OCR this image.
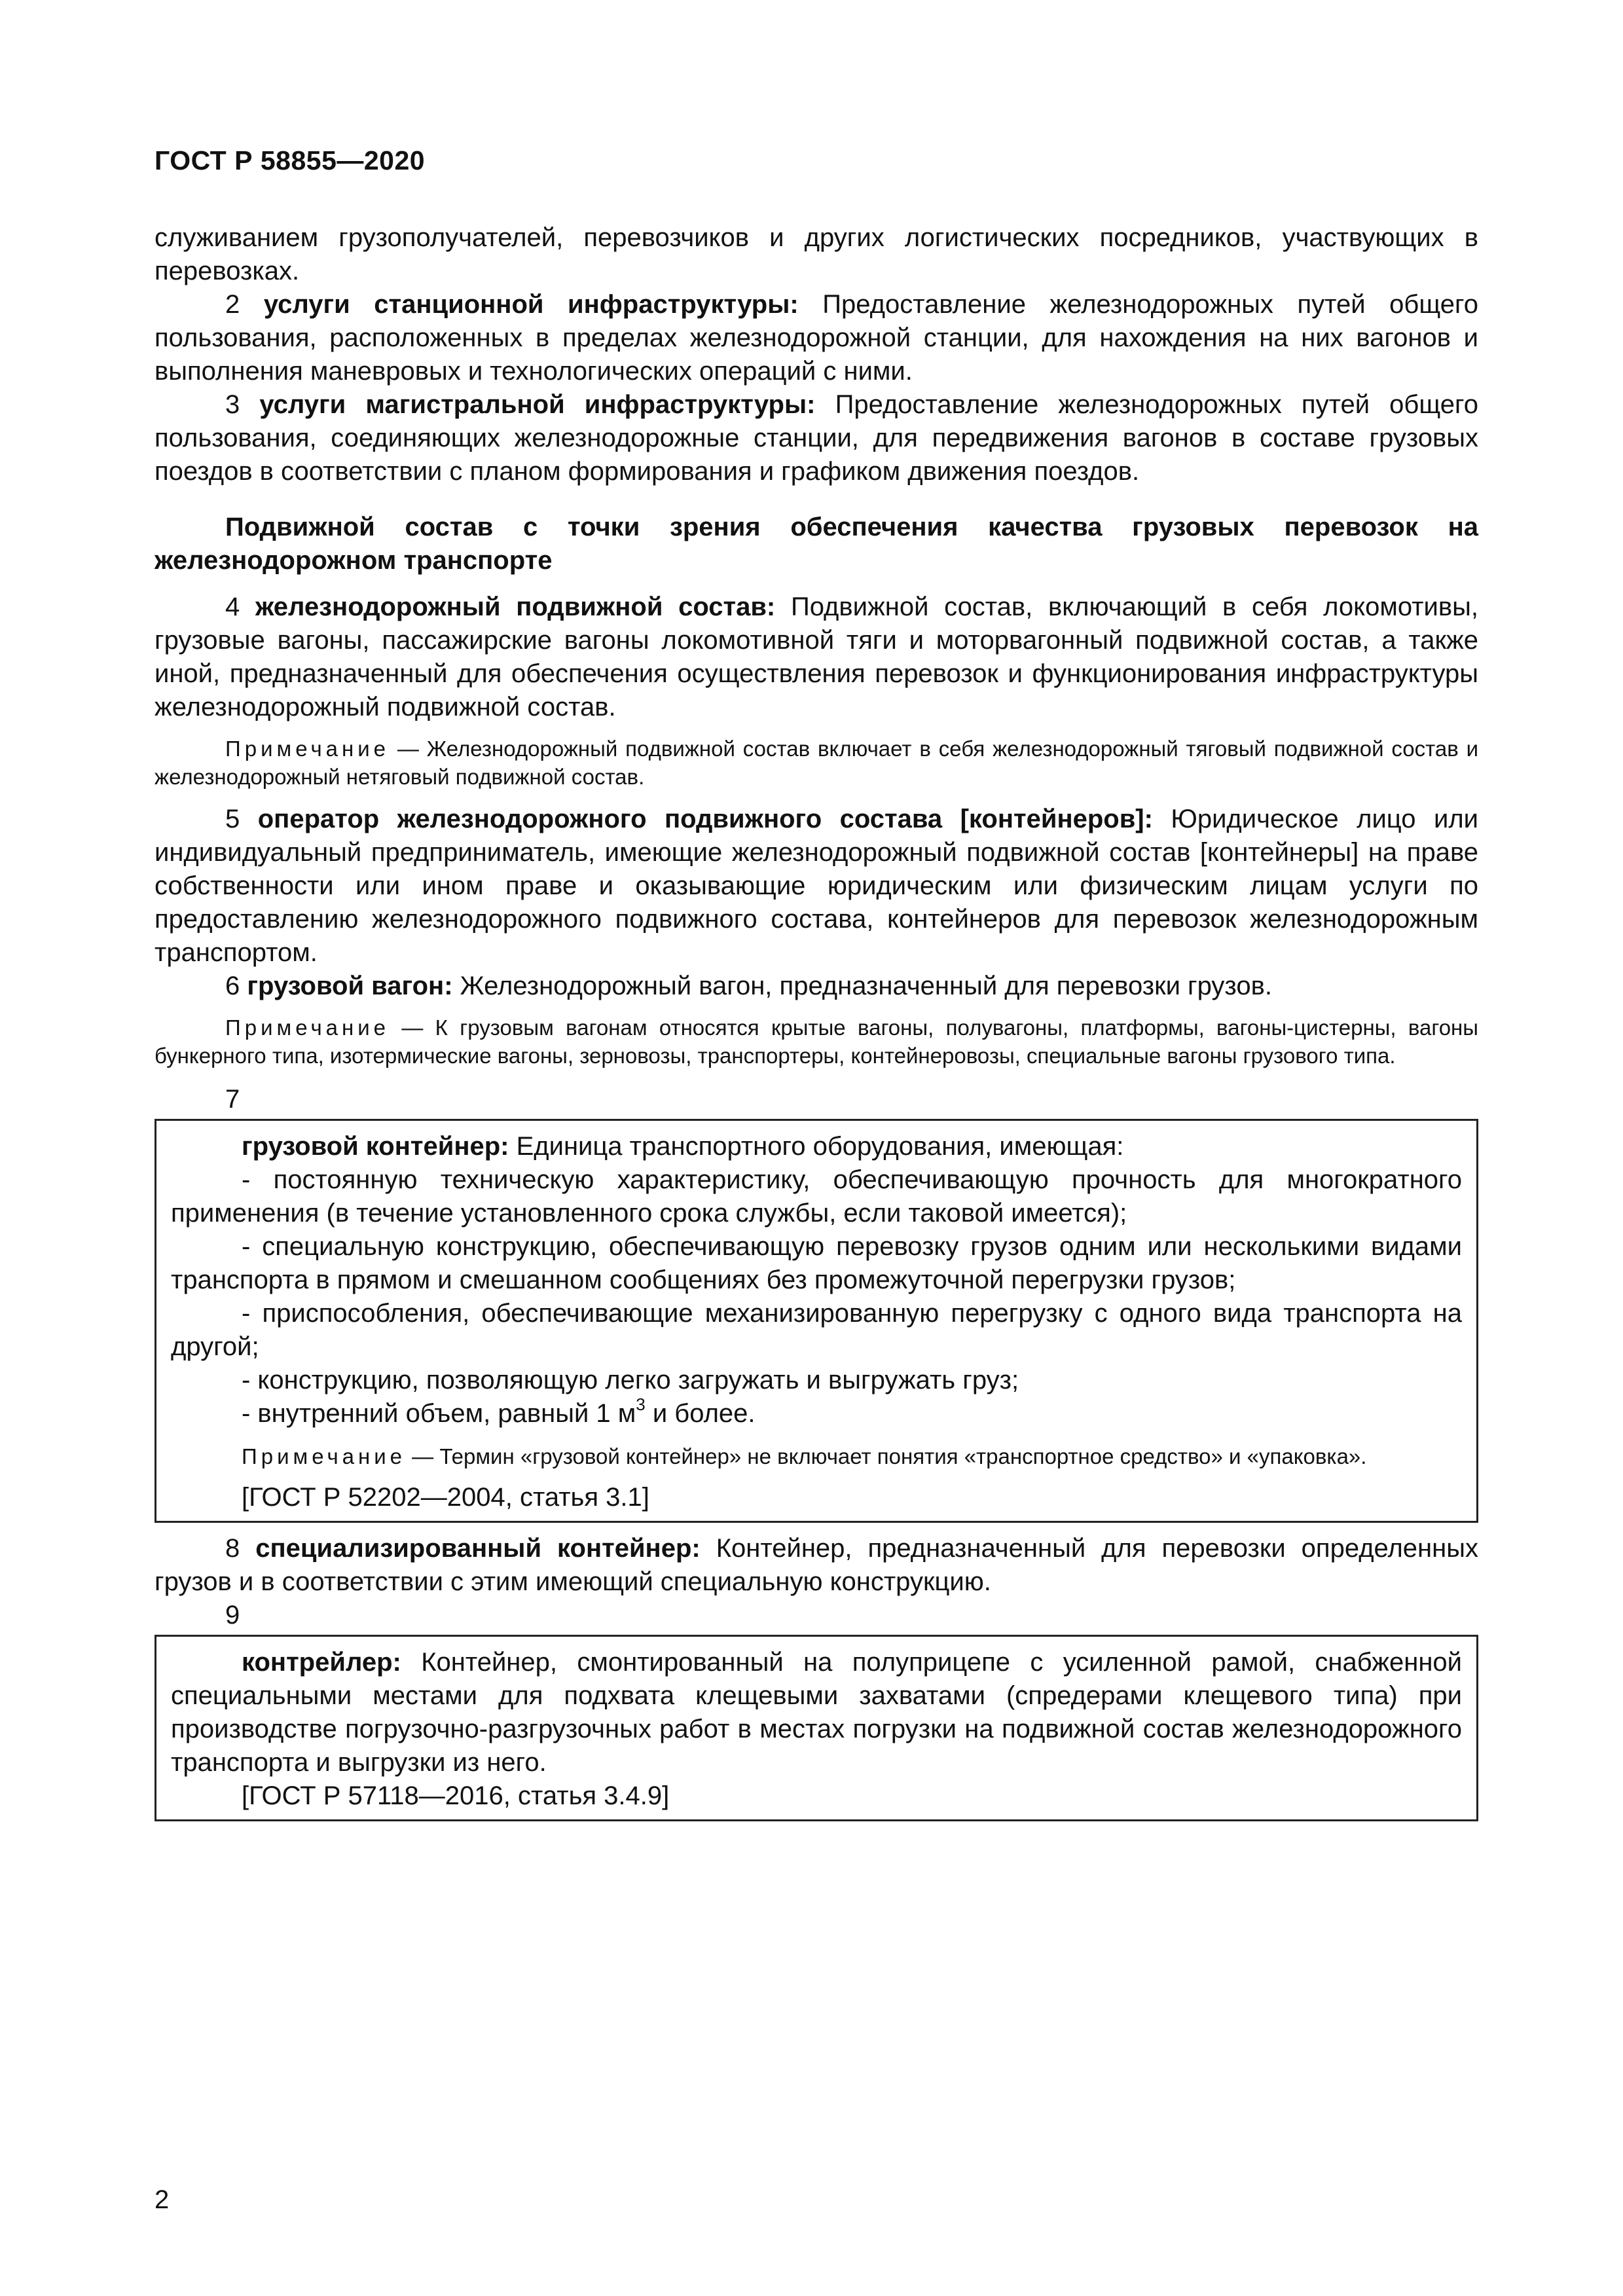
ГОСТ Р 58855—2020

служиванием грузополучателей, перевозчиков и других логистических посредников, участвующих в перевозках.

2 услуги станционной инфраструктуры: Предоставление железнодорожных путей общего пользования, расположенных в пределах железнодорожной станции, для нахождения на них вагонов и выполнения маневровых и технологических операций с ними.

3 услуги магистральной инфраструктуры: Предоставление железнодорожных путей общего пользования, соединяющих железнодорожные станции, для передвижения вагонов в составе грузовых поездов в соответствии с планом формирования и графиком движения поездов.

Подвижной состав с точки зрения обеспечения качества грузовых перевозок на железнодорожном транспорте

4 железнодорожный подвижной состав: Подвижной состав, включающий в себя локомотивы, грузовые вагоны, пассажирские вагоны локомотивной тяги и моторвагонный подвижной состав, а также иной, предназначенный для обеспечения осуществления перевозок и функционирования инфраструктуры железнодорожный подвижной состав.

Примечание — Железнодорожный подвижной состав включает в себя железнодорожный тяговый подвижной состав и железнодорожный нетяговый подвижной состав.

5 оператор железнодорожного подвижного состава [контейнеров]: Юридическое лицо или индивидуальный предприниматель, имеющие железнодорожный подвижной состав [контейнеры] на праве собственности или ином праве и оказывающие юридическим или физическим лицам услуги по предоставлению железнодорожного подвижного состава, контейнеров для перевозок железнодорожным транспортом.

6 грузовой вагон: Железнодорожный вагон, предназначенный для перевозки грузов.

Примечание — К грузовым вагонам относятся крытые вагоны, полувагоны, платформы, вагоны-цистерны, вагоны бункерного типа, изотермические вагоны, зерновозы, транспортеры, контейнеровозы, специальные вагоны грузового типа.

7

грузовой контейнер: Единица транспортного оборудования, имеющая:

- постоянную техническую характеристику, обеспечивающую прочность для многократного применения (в течение установленного срока службы, если таковой имеется);

- специальную конструкцию, обеспечивающую перевозку грузов одним или несколькими видами транспорта в прямом и смешанном сообщениях без промежуточной перегрузки грузов;

- приспособления, обеспечивающие механизированную перегрузку с одного вида транспорта на другой;

- конструкцию, позволяющую легко загружать и выгружать груз;

- внутренний объем, равный 1 $м^3$ и более.

Примечание — Термин «грузовой контейнер» не включает понятия «транспортное средство» и «упаковка».

[ГОСТ Р 52202—2004, статья 3.1]

8 специализированный контейнер: Контейнер, предназначенный для перевозки определенных грузов и в соответствии с этим имеющий специальную конструкцию.

9

контрейлер: Контейнер, смонтированный на полуприцепе с усиленной рамой, снабженной специальными местами для подхвата клещевыми захватами (спредерами клещевого типа) при производстве погрузочно-разгрузочных работ в местах погрузки на подвижной состав железнодорожного транспорта и выгрузки из него.

[ГОСТ Р 57118—2016, статья 3.4.9]

2
